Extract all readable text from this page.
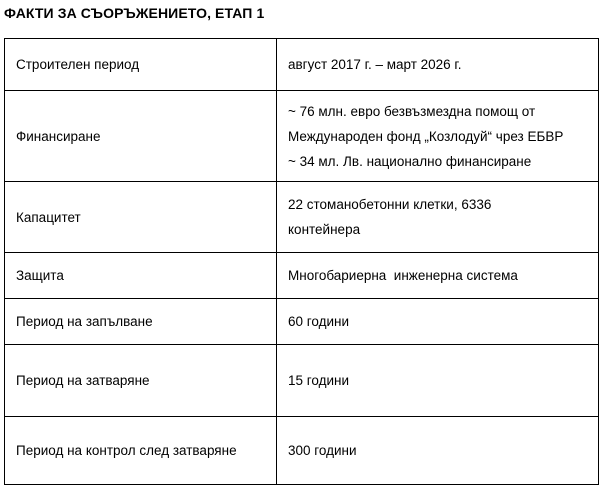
ФАКТИ ЗА СЪОРЪЖЕНИЕТО, ЕТАП 1
Строителен период	август 2017 г. – март 2026 г.
Финансиране	~ 76 млн. евро безвъзмездна помощ от
Международен фонд „Козлодуй“ чрез ЕБВР
~ 34 мл. Лв. национално финансиране

Капацитет	22 стоманобетонни клетки, 6336
контейнера

Защита	Многобариерна  инженерна система
Период на запълване	60 години
Период на затваряне	15 години
Период на контрол след затваряне	300 години
